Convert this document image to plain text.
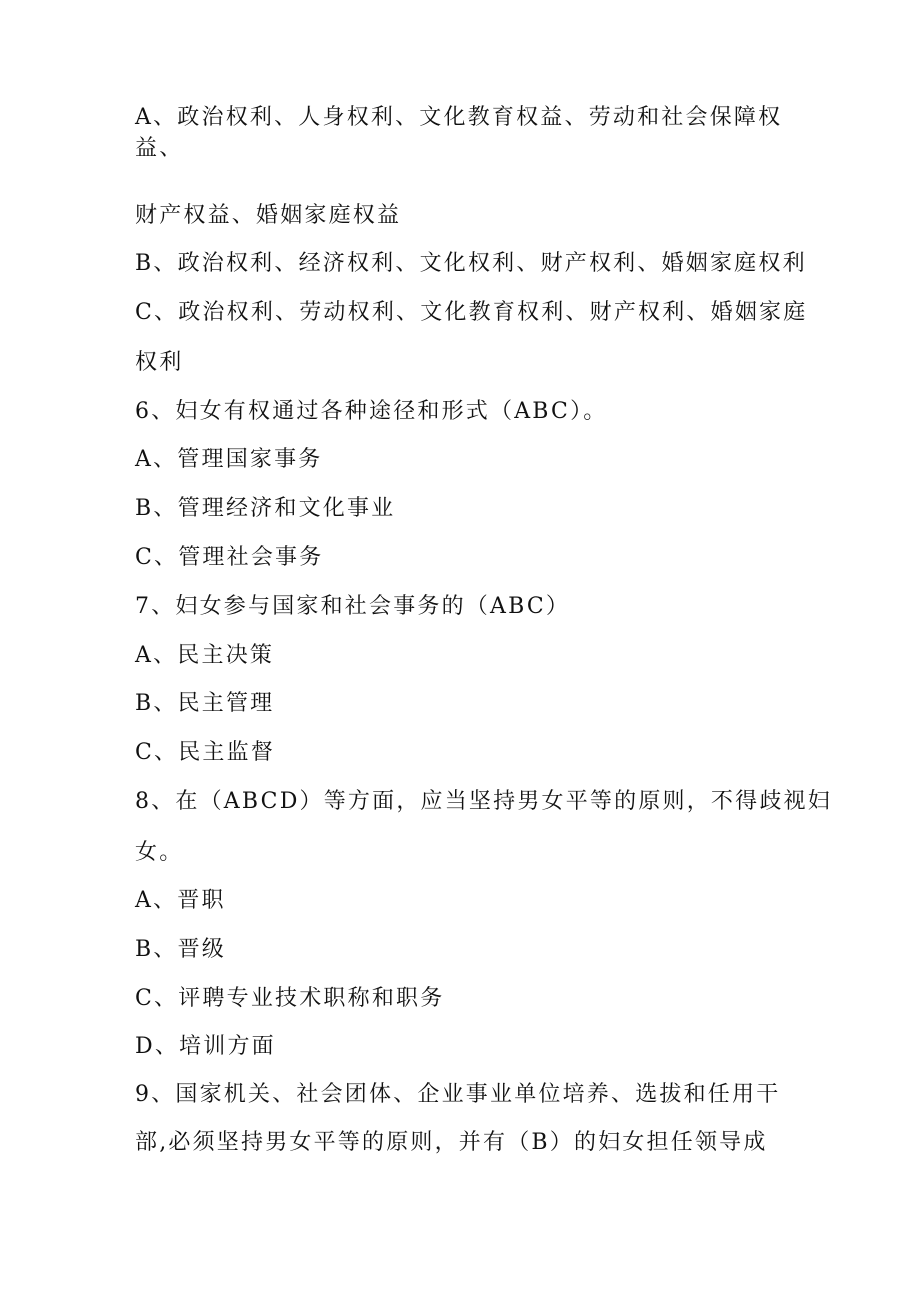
A、政治权利、人身权利、文化教育权益、劳动和社会保障权

益、

财产权益、婚姻家庭权益

B、政治权利、经济权利、文化权利、财产权利、婚姻家庭权利

C、政治权利、劳动权利、文化教育权利、财产权利、婚姻家庭

权利

6、妇女有权通过各种途径和形式（ABC）。

A、管理国家事务

B、管理经济和文化事业

C、管理社会事务

7、妇女参与国家和社会事务的（ABC）

A、民主决策

B、民主管理

C、民主监督

8、在（ABCD）等方面，应当坚持男女平等的原则，不得歧视妇

女。

A、晋职

B、晋级

C、评聘专业技术职称和职务

D、培训方面

9、国家机关、社会团体、企业事业单位培养、选拔和任用干

部,必须坚持男女平等的原则，并有（B）的妇女担任领导成
